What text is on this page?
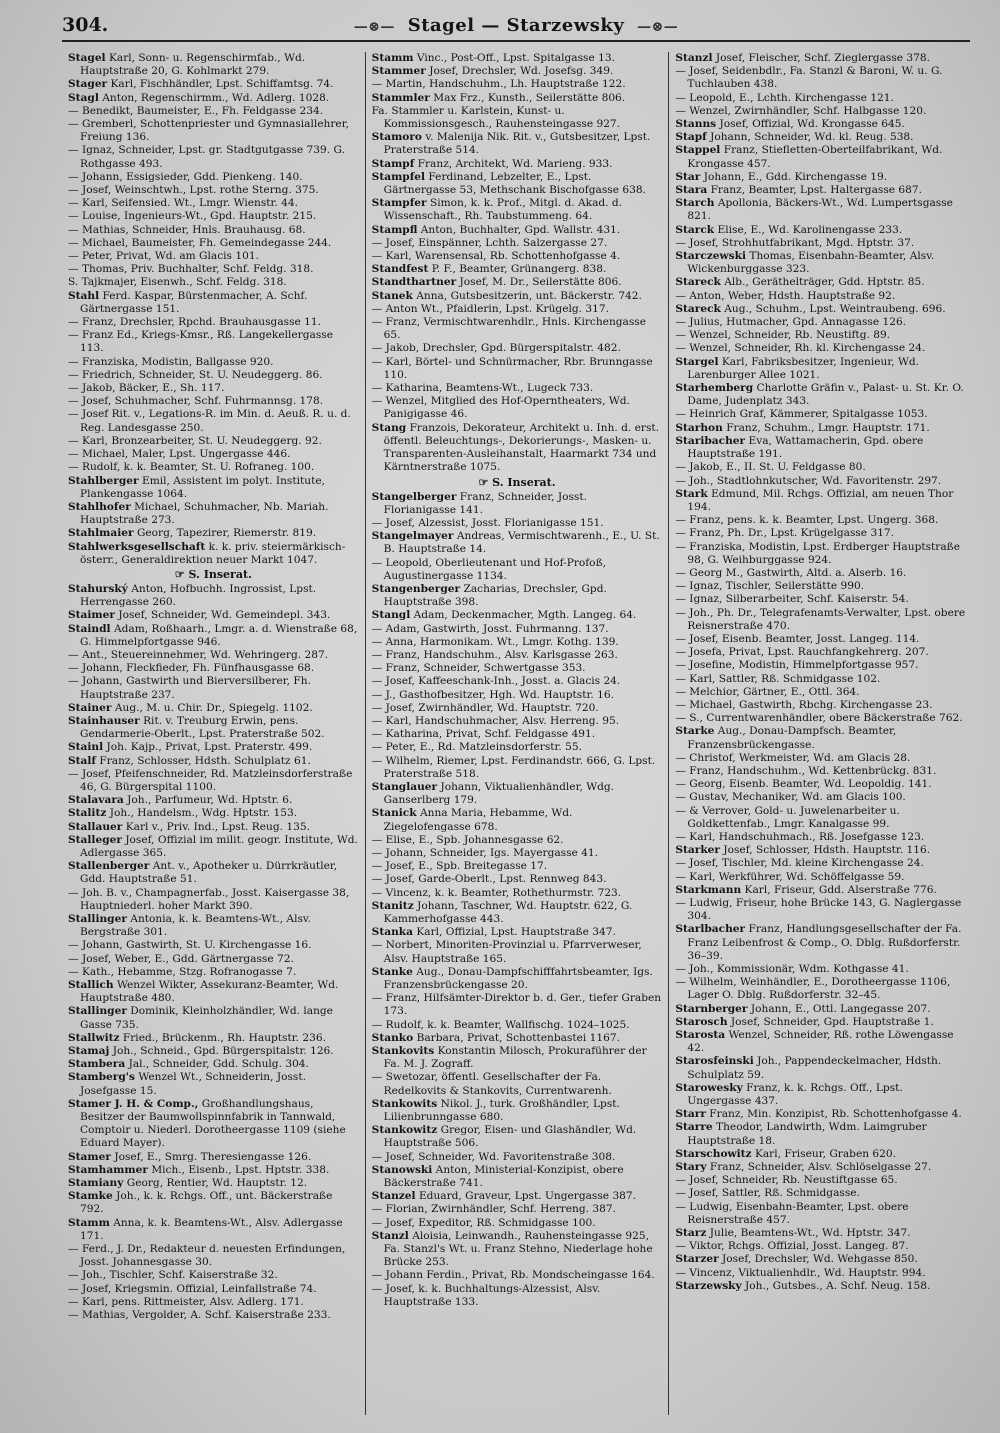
304.	—⊗— Stagel — Starzewsky —⊗—

Stagel Karl, Sonn- u. Regenschirmfab., Wd. Hauptstraße 20, G. Kohlmarkt 279.

Stager Karl, Fischhändler, Lpst. Schiffamtsg. 74.

Stagl Anton, Regenschirmm., Wd. Adlerg. 1028.

— Benedikt, Baumeister, E., Fh. Feldgasse 234.

— Gremberl, Schottenpriester und Gymnasiallehrer, Freiung 136.

— Ignaz, Schneider, Lpst. gr. Stadtgutgasse 739. G. Rothgasse 493.

— Johann, Essigsieder, Gdd. Pienkeng. 140.

— Josef, Weinschtwh., Lpst. rothe Sterng. 375.

— Karl, Seifensied. Wt., Lmgr. Wienstr. 44.

— Louise, Ingenieurs-Wt., Gpd. Hauptstr. 215.

— Mathias, Schneider, Hnls. Brauhausg. 68.

— Michael, Baumeister, Fh. Gemeindegasse 244.

— Peter, Privat, Wd. am Glacis 101.

— Thomas, Priv. Buchhalter, Schf. Feldg. 318.

S. Tajkmajer, Eisenwh., Schf. Feldg. 318.

Stahl Ferd. Kaspar, Bürstenmacher, A. Schf. Gärtnergasse 151.

— Franz, Drechsler, Rpchd. Brauhausgasse 11.

— Franz Ed., Kriegs-Kmsr., Rß. Langekellergasse 113.

— Franziska, Modistin, Ballgasse 920.

— Friedrich, Schneider, St. U. Neudeggerg. 86.

— Jakob, Bäcker, E., Sh. 117.

— Josef, Schuhmacher, Schf. Fuhrmannsg. 178.

— Josef Rit. v., Legations-R. im Min. d. Aeuß. R. u. d. Reg. Landesgasse 250.

— Karl, Bronzearbeiter, St. U. Neudeggerg. 92.

— Michael, Maler, Lpst. Ungergasse 446.

— Rudolf, k. k. Beamter, St. U. Rofraneg. 100.

Stahlberger Emil, Assistent im polyt. Institute, Plankengasse 1064.

Stahlhofer Michael, Schuhmacher, Nb. Mariah. Hauptstraße 273.

Stahlmaier Georg, Tapezirer, Riemerstr. 819.

Stahlwerksgesellschaft k. k. priv. steiermärkisch-österr., Generaldirektion neuer Markt 1047.

☞ S. Inserat.

Stahurský Anton, Hofbuchh. Ingrossist, Lpst. Herrengasse 260.

Staimer Josef, Schneider, Wd. Gemeindepl. 343.

Staindl Adam, Roßhaarh., Lmgr. a. d. Wienstraße 68, G. Himmelpfortgasse 946.

— Ant., Steuereinnehmer, Wd. Wehringerg. 287.

— Johann, Fleckfieder, Fh. Fünfhausgasse 68.

— Johann, Gastwirth und Bierversilberer, Fh. Hauptstraße 237.

Stainer Aug., M. u. Chir. Dr., Spiegelg. 1102.

Stainhauser Rit. v. Treuburg Erwin, pens. Gendarmerie-Oberlt., Lpst. Praterstraße 502.

Stainl Joh. Kajp., Privat, Lpst. Praterstr. 499.

Stalf Franz, Schlosser, Hdsth. Schulplatz 61.

— Josef, Pfeifenschneider, Rd. Matzleinsdorferstraße 46, G. Bürgerspital 1100.

Stalavara Joh., Parfumeur, Wd. Hptstr. 6.

Stalitz Joh., Handelsm., Wdg. Hptstr. 153.

Stallauer Karl v., Priv. Ind., Lpst. Reug. 135.

Stalleger Josef, Offizial im milit. geogr. Institute, Wd. Adlergasse 365.

Stallenberger Ant. v., Apotheker u. Dürrkräutler, Gdd. Hauptstraße 51.

— Joh. B. v., Champagnerfab., Josst. Kaisergasse 38, Hauptniederl. hoher Markt 390.

Stallinger Antonia, k. k. Beamtens-Wt., Alsv. Bergstraße 301.

— Johann, Gastwirth, St. U. Kirchengasse 16.

— Josef, Weber, E., Gdd. Gärtnergasse 72.

— Kath., Hebamme, Stzg. Rofranogasse 7.

Stallich Wenzel Wikter, Assekuranz-Beamter, Wd. Hauptstraße 480.

Stallinger Dominik, Kleinholzhändler, Wd. lange Gasse 735.

Stallwitz Fried., Brückenm., Rh. Hauptstr. 236.

Stamaj Joh., Schneid., Gpd. Bürgerspitalstr. 126.

Stambera Jal., Schneider, Gdd. Schulg. 304.

Stamberg's Wenzel Wt., Schneiderin, Josst. Josefgasse 15.

Stamer J. H. & Comp., Großhandlungshaus, Besitzer der Baumwollspinnfabrik in Tannwald, Comptoir u. Niederl. Dorotheergasse 1109 (siehe Eduard Mayer).

Stamer Josef, E., Smrg. Theresiengasse 126.

Stamhammer Mich., Eisenb., Lpst. Hptstr. 338.

Stamiany Georg, Rentier, Wd. Hauptstr. 12.

Stamke Joh., k. k. Rchgs. Off., unt. Bäckerstraße 792.

Stamm Anna, k. k. Beamtens-Wt., Alsv. Adlergasse 171.

— Ferd., J. Dr., Redakteur d. neuesten Erfindungen, Josst. Johannesgasse 30.

— Joh., Tischler, Schf. Kaiserstraße 32.

— Josef, Kriegsmin. Offizial, Leinfallstraße 74.

— Karl, pens. Rittmeister, Alsv. Adlerg. 171.

— Mathias, Vergolder, A. Schf. Kaiserstraße 233.

Stamm Vinc., Post-Off., Lpst. Spitalgasse 13.

Stammer Josef, Drechsler, Wd. Josefsg. 349.

— Martin, Handschuhm., Lh. Hauptstraße 122.

Stammler Max Frz., Kunsth., Seilerstätte 806.

Fa. Stammler u. Karlstein, Kunst- u. Kommissionsgesch., Rauhensteingasse 927.

Stamoro v. Malenija Nik. Rit. v., Gutsbesitzer, Lpst. Praterstraße 514.

Stampf Franz, Architekt, Wd. Marieng. 933.

Stampfel Ferdinand, Lebzelter, E., Lpst. Gärtnergasse 53, Methschank Bischofgasse 638.

Stampfer Simon, k. k. Prof., Mitgl. d. Akad. d. Wissenschaft., Rh. Taubstummeng. 64.

Stampfl Anton, Buchhalter, Gpd. Wallstr. 431.

— Josef, Einspänner, Lchth. Salzergasse 27.

— Karl, Warensensal, Rb. Schottenhofgasse 4.

Standfest P. F., Beamter, Grünangerg. 838.

Standthartner Josef, M. Dr., Seilerstätte 806.

Stanek Anna, Gutsbesitzerin, unt. Bäckerstr. 742.

— Anton Wt., Pfaidlerin, Lpst. Krügelg. 317.

— Franz, Vermischtwarenhdlr., Hnls. Kirchengasse 65.

— Jakob, Drechsler, Gpd. Bürgerspitalstr. 482.

— Karl, Börtel- und Schnürmacher, Rbr. Brunngasse 110.

— Katharina, Beamtens-Wt., Lugeck 733.

— Wenzel, Mitglied des Hof-Operntheaters, Wd. Panigigasse 46.

Stang Franzois, Dekorateur, Architekt u. Inh. d. erst. öffentl. Beleuchtungs-, Dekorierungs-, Masken- u. Transparenten-Ausleihanstalt, Haarmarkt 734 und Kärntnerstraße 1075.

☞ S. Inserat.

Stangelberger Franz, Schneider, Josst. Florianigasse 141.

— Josef, Alzessist, Josst. Florianigasse 151.

Stangelmayer Andreas, Vermischtwarenh., E., U. St. B. Hauptstraße 14.

— Leopold, Oberlieutenant und Hof-Profoß, Augustinergasse 1134.

Stangenberger Zacharias, Drechsler, Gpd. Hauptstraße 398.

Stangl Adam, Deckenmacher, Mgth. Langeg. 64.

— Adam, Gastwirth, Josst. Fuhrmanng. 137.

— Anna, Harmonikam. Wt., Lmgr. Kothg. 139.

— Franz, Handschuhm., Alsv. Karlsgasse 263.

— Franz, Schneider, Schwertgasse 353.

— Josef, Kaffeeschank-Inh., Josst. a. Glacis 24.

— J., Gasthofbesitzer, Hgh. Wd. Hauptstr. 16.

— Josef, Zwirnhändler, Wd. Hauptstr. 720.

— Karl, Handschuhmacher, Alsv. Herreng. 95.

— Katharina, Privat, Schf. Feldgasse 491.

— Peter, E., Rd. Matzleinsdorferstr. 55.

— Wilhelm, Riemer, Lpst. Ferdinandstr. 666, G. Lpst. Praterstraße 518.

Stanglauer Johann, Viktualienhändler, Wdg. Ganserlberg 179.

Stanick Anna Maria, Hebamme, Wd. Ziegelofengasse 678.

— Elise, E., Spb. Johannesgasse 62.

— Johann, Schneider, Igs. Mayergasse 41.

— Josef, E., Spb. Breitegasse 17.

— Josef, Garde-Oberlt., Lpst. Rennweg 843.

— Vincenz, k. k. Beamter, Rothethurmstr. 723.

Stanitz Johann, Taschner, Wd. Hauptstr. 622, G. Kammerhofgasse 443.

Stanka Karl, Offizial, Lpst. Hauptstraße 347.

— Norbert, Minoriten-Provinzial u. Pfarrverweser, Alsv. Hauptstraße 165.

Stanke Aug., Donau-Dampfschifffahrtsbeamter, Igs. Franzensbrückengasse 20.

— Franz, Hilfsämter-Direktor b. d. Ger., tiefer Graben 173.

— Rudolf, k. k. Beamter, Wallfischg. 1024–1025.

Stanko Barbara, Privat, Schottenbastei 1167.

Stankovits Konstantin Milosch, Prokuraführer der Fa. M. J. Zograff.

— Swetozar, öffentl. Gesellschafter der Fa. Redelkovits & Stankovits, Currentwarenh.

Stankowits Nikol. J., turk. Großhändler, Lpst. Lilienbrunngasse 680.

Stankowitz Gregor, Eisen- und Glashändler, Wd. Hauptstraße 506.

— Josef, Schneider, Wd. Favoritenstraße 308.

Stanowski Anton, Ministerial-Konzipist, obere Bäckerstraße 741.

Stanzel Eduard, Graveur, Lpst. Ungergasse 387.

— Florian, Zwirnhändler, Schf. Herreng. 387.

— Josef, Expeditor, Rß. Schmidgasse 100.

Stanzl Aloisia, Leinwandh., Rauhensteingasse 925, Fa. Stanzl's Wt. u. Franz Stehno, Niederlage hohe Brücke 253.

— Johann Ferdin., Privat, Rb. Mondscheingasse 164.

— Josef, k. k. Buchhaltungs-Alzessist, Alsv. Hauptstraße 133.

Stanzl Josef, Fleischer, Schf. Zieglergasse 378.

— Josef, Seidenbdlr., Fa. Stanzl & Baroni, W. u. G. Tuchlauben 438.

— Leopold, E., Lchth. Kirchengasse 121.

— Wenzel, Zwirnhändler, Schf. Halbgasse 120.

Stanns Josef, Offizial, Wd. Krongasse 645.

Stapf Johann, Schneider, Wd. kl. Reug. 538.

Stappel Franz, Stiefletten-Oberteilfabrikant, Wd. Krongasse 457.

Star Johann, E., Gdd. Kirchengasse 19.

Stara Franz, Beamter, Lpst. Haltergasse 687.

Starch Apollonia, Bäckers-Wt., Wd. Lumpertsgasse 821.

Starck Elise, E., Wd. Karolinengasse 233.

— Josef, Strohhutfabrikant, Mgd. Hptstr. 37.

Starczewski Thomas, Eisenbahn-Beamter, Alsv. Wickenburggasse 323.

Stareck Alb., Geräthelträger, Gdd. Hptstr. 85.

— Anton, Weber, Hdsth. Hauptstraße 92.

Stareck Aug., Schuhm., Lpst. Weintraubeng. 696.

— Julius, Hutmacher, Gpd. Annagasse 126.

— Wenzel, Schneider, Rb. Neustiftg. 89.

— Wenzel, Schneider, Rh. kl. Kirchengasse 24.

Stargel Karl, Fabriksbesitzer, Ingenieur, Wd. Larenburger Allee 1021.

Starhemberg Charlotte Gräfin v., Palast- u. St. Kr. O. Dame, Judenplatz 343.

— Heinrich Graf, Kämmerer, Spitalgasse 1053.

Starhon Franz, Schuhm., Lmgr. Hauptstr. 171.

Staribacher Eva, Wattamacherin, Gpd. obere Hauptstraße 191.

— Jakob, E., II. St. U. Feldgasse 80.

— Joh., Stadtlohnkutscher, Wd. Favoritenstr. 297.

Stark Edmund, Mil. Rchgs. Offizial, am neuen Thor 194.

— Franz, pens. k. k. Beamter, Lpst. Ungerg. 368.

— Franz, Ph. Dr., Lpst. Krügelgasse 317.

— Franziska, Modistin, Lpst. Erdberger Hauptstraße 98, G. Weihburggasse 924.

— Georg M., Gastwirth, Altd. a. Alserb. 16.

— Ignaz, Tischler, Seilerstätte 990.

— Ignaz, Silberarbeiter, Schf. Kaiserstr. 54.

— Joh., Ph. Dr., Telegrafenamts-Verwalter, Lpst. obere Reisnerstraße 470.

— Josef, Eisenb. Beamter, Josst. Langeg. 114.

— Josefa, Privat, Lpst. Rauchfangkehrerg. 207.

— Josefine, Modistin, Himmelpfortgasse 957.

— Karl, Sattler, Rß. Schmidgasse 102.

— Melchior, Gärtner, E., Ottl. 364.

— Michael, Gastwirth, Rbchg. Kirchengasse 23.

— S., Currentwarenhändler, obere Bäckerstraße 762.

Starke Aug., Donau-Dampfsch. Beamter, Franzensbrückengasse.

— Christof, Werkmeister, Wd. am Glacis 28.

— Franz, Handschuhm., Wd. Kettenbrückg. 831.

— Georg, Eisenb. Beamter, Wd. Leopoldig. 141.

— Gustav, Mechaniker, Wd. am Glacis 100.

— & Verrover, Gold- u. Juwelenarbeiter u. Goldkettenfab., Lmgr. Kanalgasse 99.

— Karl, Handschuhmach., Rß. Josefgasse 123.

Starker Josef, Schlosser, Hdsth. Hauptstr. 116.

— Josef, Tischler, Md. kleine Kirchengasse 24.

— Karl, Werkführer, Wd. Schöffelgasse 59.

Starkmann Karl, Friseur, Gdd. Alserstraße 776.

— Ludwig, Friseur, hohe Brücke 143, G. Naglergasse 304.

Starlbacher Franz, Handlungsgesellschafter der Fa. Franz Leibenfrost & Comp., O. Dblg. Rußdorferstr. 36–39.

— Joh., Kommissionär, Wdm. Kothgasse 41.

— Wilhelm, Weinhändler, E., Dorotheergasse 1106, Lager O. Dblg. Rußdorferstr. 32–45.

Starnberger Johann, E., Ottl. Langegasse 207.

Starosch Josef, Schneider, Gpd. Hauptstraße 1.

Starosta Wenzel, Schneider, Rß. rothe Löwengasse 42.

Starosfeinski Joh., Pappendeckelmacher, Hdsth. Schulplatz 59.

Starowesky Franz, k. k. Rchgs. Off., Lpst. Ungergasse 437.

Starr Franz, Min. Konzipist, Rb. Schottenhofgasse 4.

Starre Theodor, Landwirth, Wdm. Laimgruber Hauptstraße 18.

Starschowitz Karl, Friseur, Graben 620.

Stary Franz, Schneider, Alsv. Schlöselgasse 27.

— Josef, Schneider, Rb. Neustiftgasse 65.

— Josef, Sattler, Rß. Schmidgasse.

— Ludwig, Eisenbahn-Beamter, Lpst. obere Reisnerstraße 457.

Starz Julie, Beamtens-Wt., Wd. Hptstr. 347.

— Viktor, Rchgs. Offizial, Josst. Langeg. 87.

Starzer Josef, Drechsler, Wd. Wehgasse 850.

— Vincenz, Viktualienhdlr., Wd. Hauptstr. 994.

Starzewsky Joh., Gutsbes., A. Schf. Neug. 158.
